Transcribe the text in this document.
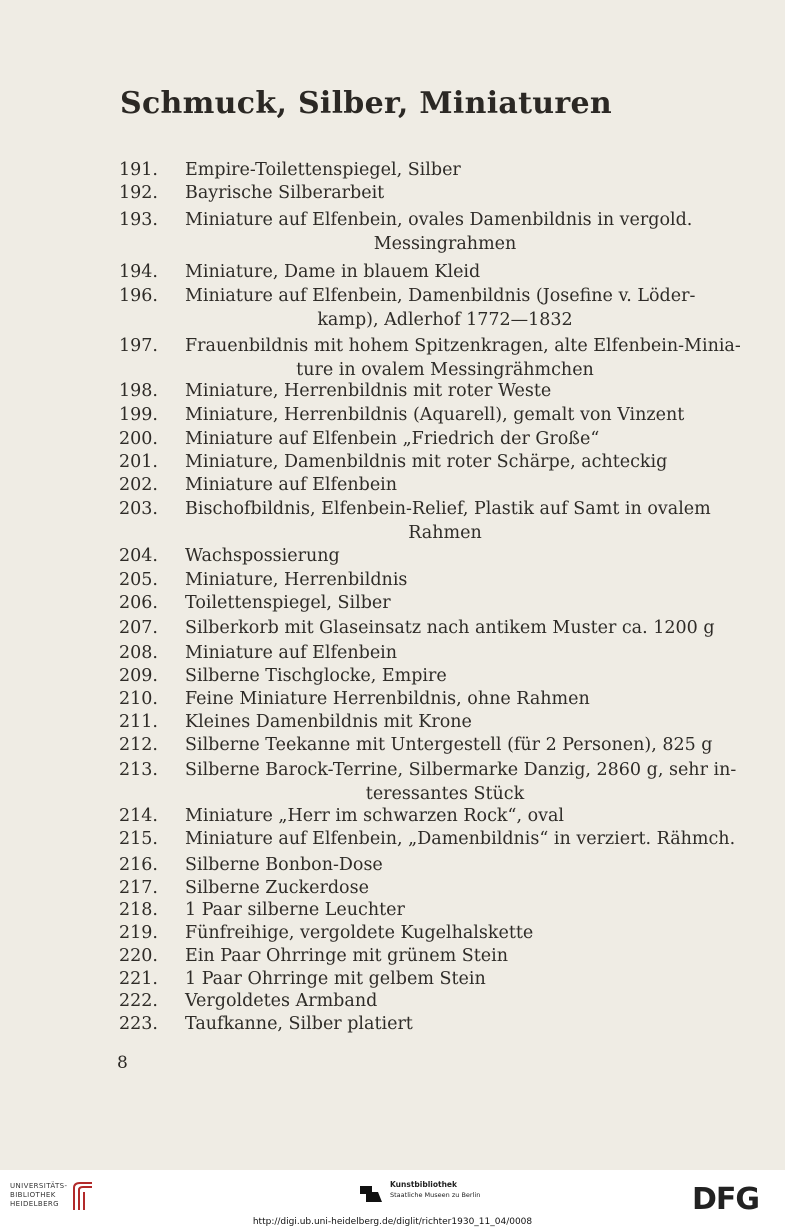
Schmuck, Silber, Miniaturen
191.	Empire-Toilettenspiegel, Silber
192.	Bayrische Silberarbeit
193.	Miniature auf Elfenbein, ovales Damenbildnis in vergold.
Messingrahmen
194.	Miniature, Dame in blauem Kleid
196.	Miniature auf Elfenbein, Damenbildnis (Josefine v. Löder-
kamp), Adlerhof 1772—1832
197.	Frauenbildnis mit hohem Spitzenkragen, alte Elfenbein-Minia-
ture in ovalem Messingrähmchen
198.	Miniature, Herrenbildnis mit roter Weste
199.	Miniature, Herrenbildnis (Aquarell), gemalt von Vinzent
200.	Miniature auf Elfenbein „Friedrich der Große“
201.	Miniature, Damenbildnis mit roter Schärpe, achteckig
202.	Miniature auf Elfenbein
203.	Bischofbildnis, Elfenbein-Relief, Plastik auf Samt in ovalem
Rahmen
204.	Wachspossierung
205.	Miniature, Herrenbildnis
206.	Toilettenspiegel, Silber
207.	Silberkorb mit Glaseinsatz nach antikem Muster ca. 1200 g
208.	Miniature auf Elfenbein
209.	Silberne Tischglocke, Empire
210.	Feine Miniature Herrenbildnis, ohne Rahmen
211.	Kleines Damenbildnis mit Krone
212.	Silberne Teekanne mit Untergestell (für 2 Personen), 825 g
213.	Silberne Barock-Terrine, Silbermarke Danzig, 2860 g, sehr in-
teressantes Stück
214.	Miniature „Herr im schwarzen Rock“, oval
215.	Miniature auf Elfenbein, „Damenbildnis“ in verziert. Rähmch.
216.	Silberne Bonbon-Dose
217.	Silberne Zuckerdose
218.	1 Paar silberne Leuchter
219.	Fünfreihige, vergoldete Kugelhalskette
220.	Ein Paar Ohrringe mit grünem Stein
221.	1 Paar Ohrringe mit gelbem Stein
222.	Vergoldetes Armband
223.	Taufkanne, Silber platiert
8
UNIVERSITÄTS-
BIBLIOTHEK
HEIDELBERG
Kunstbibliothek
Staatliche Museen zu Berlin	DFG
http://digi.ub.uni-heidelberg.de/diglit/richter1930_11_04/0008
